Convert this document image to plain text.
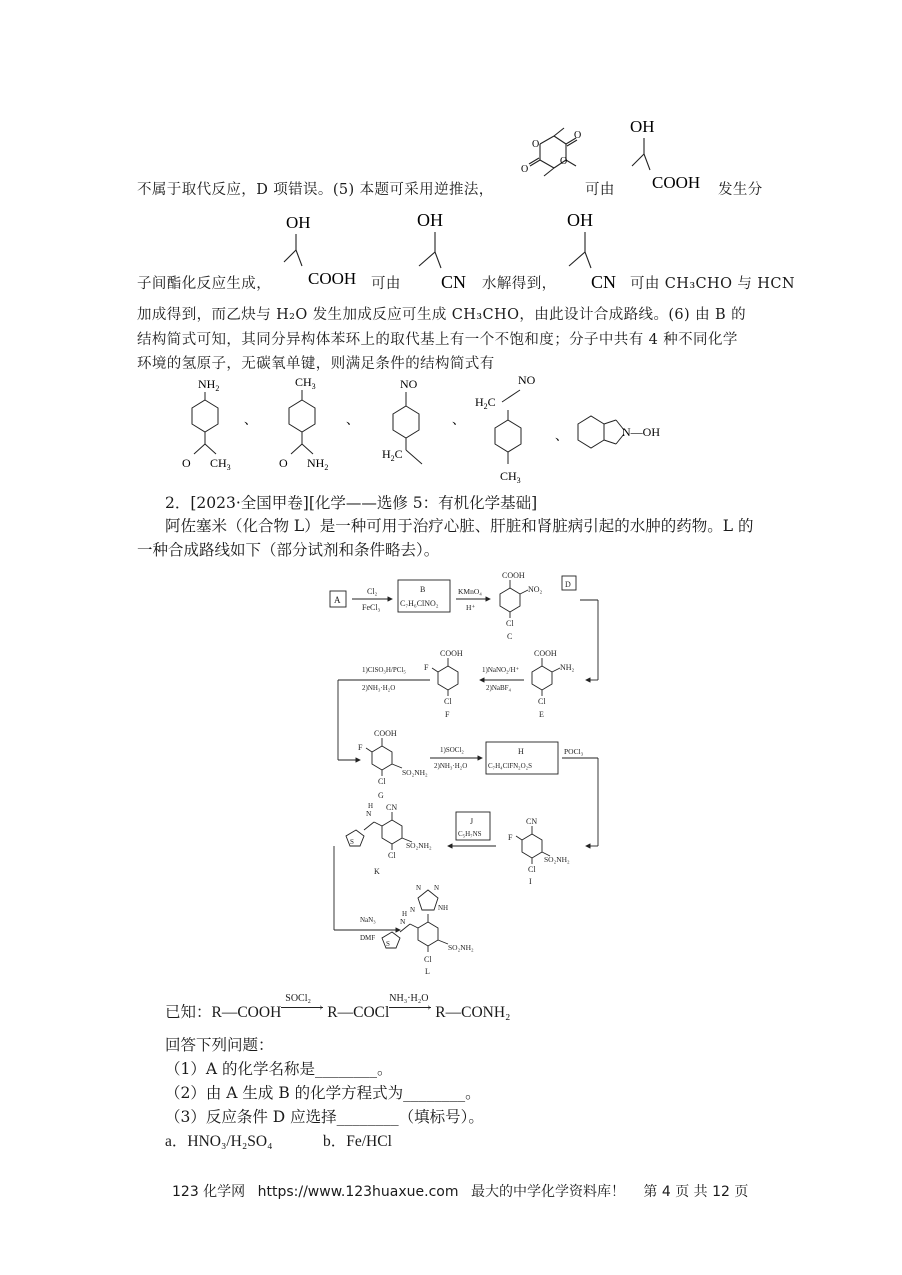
不属于取代反应，D 项错误。(5) 本题可采用逆推法，
O
O
O
O
可由
OH
COOH 发生分
子间酯化反应生成，
OH
COOH 可由
OH
CN 水解得到，
OH
CN 可由 CH₃CHO 与 HCN
加成得到，而乙炔与 H₂O 发生加成反应可生成 CH₃CHO，由此设计合成路线。(6) 由 B 的
结构简式可知，其同分异构体苯环上的取代基上有一个不饱和度；分子中共有 4 种不同化学
环境的氢原子，无碳氧单键，则满足条件的结构简式有
$NH_2$
O $CH_3$
$CH_3$
O $NH_2$
NO
$H_2C$
NO
$H_2C$
$CH_3$
N—OH
、	、	、
、
2．[2023·全国甲卷][化学——选修 5：有机化学基础]
阿佐塞米（化合物 L）是一种可用于治疗心脏、肝脏和肾脏病引起的水肿的药物。L 的
一种合成路线如下（部分试剂和条件略去）。
A
Cl₂
FeCl₃
B
C₇H₆ClNO₂
KMnO₄
H⁺
COOH
NO₂
Cl
C
D
COOH
NH₂
Cl
E
1)NaNO₂/H⁺
2)NaBF₄
COOH
F
Cl
F
1)ClSO₃H/PCl₅
2)NH₃·H₂O
COOH
F
Cl
SO₂NH₂
G
1)SOCl₂
2)NH₃·H₂O
H
C₇H₄ClFN₂O₂S
POCl₃
CN
F
SO₂NH₂
Cl
I
J
C₅H₇NS
CN
N
H
S	SO₂NH₂
Cl
K
NaN₃
DMF
N N
NH
N
N
H
S	SO₂NH₂
Cl
L
已知：R—COOH
SOCl₂
› R—COCl
NH₃·H₂O
› R—CONH₂
回答下列问题：
（1）A 的化学名称是________。
（2）由 A 生成 B 的化学方程式为________。
（3）反应条件 D 应选择________（填标号）。
a．HNO₃/H₂SO₄	b．Fe/HCl
123 化学网 https://www.123huaxue.com 最大的中学化学资料库！ 第 4 页 共 12 页
